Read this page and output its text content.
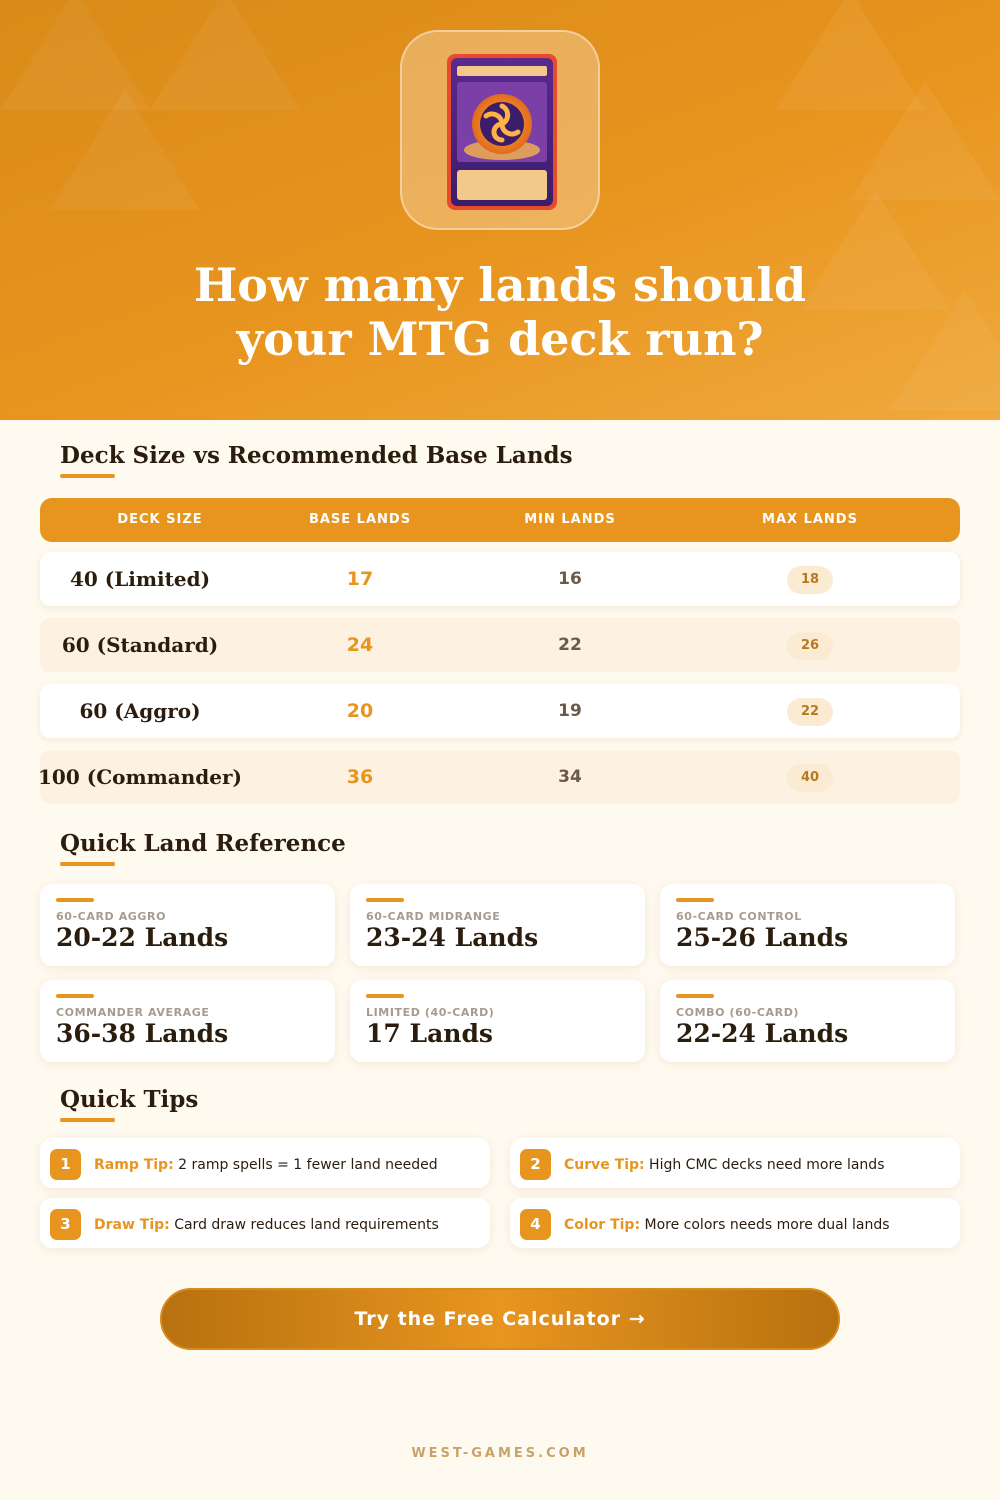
How many lands should your MTG deck run?
Deck Size vs Recommended Base Lands
DECK SIZE	BASE LANDS	MIN LANDS	MAX LANDS
40 (Limited)	17	16	18
60 (Standard)	24	22	26
60 (Aggro)	20	19	22
100 (Commander)	36	34	40
Quick Land Reference
60-CARD AGGRO
20-22 Lands
60-CARD MIDRANGE
23-24 Lands
60-CARD CONTROL
25-26 Lands
COMMANDER AVERAGE
36-38 Lands
LIMITED (40-CARD)
17 Lands
COMBO (60-CARD)
22-24 Lands
Quick Tips
1	Ramp Tip: 2 ramp spells = 1 fewer land needed	2	Curve Tip: High CMC decks need more lands
3	Draw Tip: Card draw reduces land requirements	4	Color Tip: More colors needs more dual lands
Try the Free Calculator →
WEST-GAMES.COM
